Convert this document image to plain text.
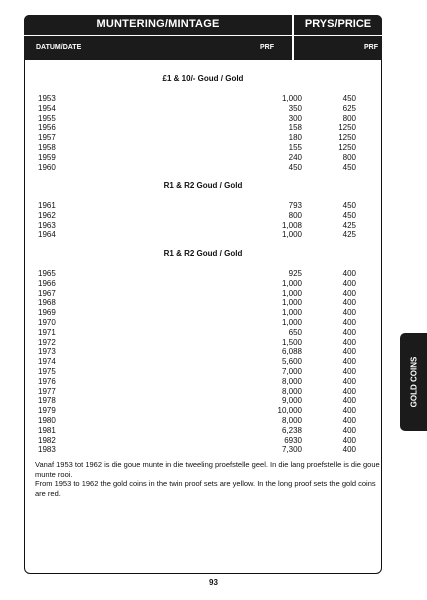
MUNTERING/MINTAGE	PRYS/PRICE
DATUM/DATE	PRF	PRF
£1 & 10/- Goud / Gold
1953	1,000	450
1954	350	625
1955	300	800
1956	158	1250
1957	180	1250
1958	155	1250
1959	240	800
1960	450	450
R1 & R2 Goud / Gold
1961	793	450
1962	800	450
1963	1,008	425
1964	1,000	425
R1 & R2 Goud / Gold
1965	925	400
1966	1,000	400
1967	1,000	400
1968	1,000	400
1969	1,000	400
1970	1,000	400
1971	650	400
1972	1,500	400
1973	6,088	400
1974	5,600	400
1975	7,000	400
1976	8,000	400
1977	8,000	400
1978	9,000	400
1979	10,000	400
1980	8,000	400
1981	6,238	400
1982	6930	400
1983	7,300	400

Vanaf 1953 tot 1962 is die goue munte in die tweeling proefstelle geel. In die lang proefstelle is die goue munte rooi.

From 1953 to 1962 the gold coins in the twin proof sets are yellow. In the long proof sets the gold coins are red.

GOLD COINS
93
